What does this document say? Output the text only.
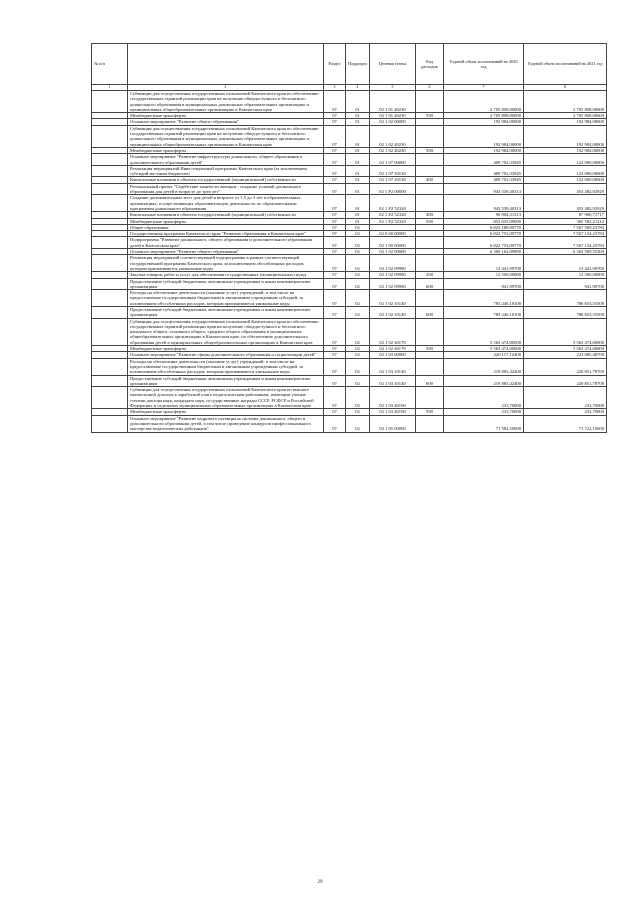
№ п/п		Раздел	Подраздел	Целевая статья	Код расходов	Годовой объем ассигнований на 2020 год	Годовой объем ассигнований на 2021 год
1	2	3	4	5	6	7	8
	Субвенции для осуществления государственных полномочий Камчатского края по обеспечению государственных гарантий реализации прав на получение общедоступного и бесплатного дошкольного образования в муниципальных дошкольных образовательных организациях и муниципальных общеобразовательных организациях в Камчатском крае	07	01	02 1 01 40230		2 705 808,00000	2 705 808,00000
	Межбюджетные трансферты	07	01	02 1 01 40230	500	2 705 808,00000	2 705 808,00000
	Основное мероприятие "Развитие общего образования"	07	01	02 1 02 00000		192 984,00000	192 984,00000
	Субвенции для осуществления государственных полномочий Камчатского края по обеспечению государственных гарантий реализации прав на получение общедоступного и бесплатного дошкольного образования в муниципальных дошкольных образовательных организациях и муниципальных общеобразовательных организациях в Камчатском крае	07	01	02 1 02 40230		192 984,00000	192 984,00000
	Межбюджетные трансферты	07	01	02 1 02 40230	500	192 984,00000	192 984,00000
	Основное мероприятие "Развитие инфраструктуры дошкольного, общего образования и дополнительного образования детей"	07	01	02 1 07 00000		409 702,33945	122 000,00000
	Реализация мероприятий Инвестиционной программы Камчатского края (за исключением субсидий местным бюджетам)	07	01	02 1 07 10130		409 702,33945	122 000,00000
	Капитальные вложения в объекты государственной (муниципальной) собственности	07	01	02 1 07 10130	400	409 702,33945	122 000,00000
	Региональный проект "Содействие занятости женщин - создание условий дошкольного образования для детей в возрасте до трех лет"	07	01	02 1 P2 00000		943 539,40313	453 482,92929
	Создание дополнительных мест для детей в возрасте от 1,5 до 3 лет в образовательных организациях, осуществляющих образовательную деятельность по образовательным программам дошкольного образования	07	01	02 1 P2 52320		943 539,40313	453 482,92929
	Капитальные вложения в объекты государственной (муниципальной) собственности	07	01	02 1 P2 52320	400	90 904,31313	87 900,71717
	Межбюджетные трансферты	07	01	02 1 P2 52320	500	852 635,09000	365 582,21212
	Общее образование	07	02			6 823 188,09770	7 567 569,23783
	Государственная программа Камчатского края "Развитие образования в Камчатском крае"	07	02	02 0 00 00000		6 822 753,09770	7 567 134,23783
	Подпрограмма "Развитие дошкольного, общего образования и дополнительного образования детей в Камчатском крае"	07	02	02 1 00 00000		6 822 753,09770	7 567 134,23783
	Основное мероприятие "Развитие общего образования"	07	02	02 1 02 00000		6 360 162,09800	6 363 569,55300
	Реализация мероприятий соответствующей подпрограммы в рамках соответствующей государственной программы Камчатского края, за исключением обособленных расходов, которым присваиваются уникальные коды	07	02	02 1 02 09990		13 441,99700	13 441,99700
	Закупка товаров, работ и услуг для обеспечения государственных (муниципальных) нужд	07	02	02 1 02 09990	200	12 500,00000	12 500,00000
	Предоставление субсидий бюджетным, автономным учреждениям и иным некоммерческим организациям	07	02	02 1 02 09990	600	941,99700	941,99700
	Расходы на обеспечение деятельности (оказание услуг) учреждений, в том числе на предоставление государственным бюджетным и автономным учреждениям субсидий, за исключением обособленных расходов, которым присваиваются уникальные коды	07	02	02 1 02 10140		783 246,10100	786 653,55500
	Предоставление субсидий бюджетным, автономным учреждениям и иным некоммерческим организациям	07	02	02 1 02 10140	600	783 246,10100	786 653,55500
	Субвенции для осуществления государственных полномочий Камчатского края по обеспечению государственных гарантий реализации прав на получение общедоступного и бесплатного начального общего, основного общего, среднего общего образования в муниципальных общеобразовательных организациях в Камчатском крае, по обеспечению дополнительного образования детей в муниципальных общеобразовательных организациях в Камчатском крае	07	02	02 1 02 40170		5 563 474,00000	5 563 474,00000
	Межбюджетные трансферты	07	02	02 1 02 40170	500	5 563 474,00000	5 563 474,00000
	Основное мероприятие "Развитие сферы дополнительного образования и социализации детей"	07	02	02 1 03 00000		220 117,12400	221 085,48700
	Расходы на обеспечение деятельности (оказание услуг) учреждений, в том числе на предоставление государственным бюджетным и автономным учреждениям субсидий, за исключением обособленных расходов, которым присваиваются уникальные коды	07	02	02 1 03 10140		219 883,42400	220 851,78700
	Предоставление субсидий бюджетным, автономным учреждениям и иным некоммерческим организациям	07	02	02 1 03 10140	600	219 883,42400	220 851,78700
	Субвенции для осуществления государственных полномочий Камчатского края по выплате ежемесячной доплаты к заработной плате педагогическим работникам, имеющим ученые степени доктора наук, кандидата наук, государственные награды СССР, РСФСР и Российской Федерации, в отдельных муниципальных образовательных организациях в Камчатском крае	07	02	02 1 03 40190		233,70000	233,70000
	Межбюджетные трансферты	07	02	02 1 03 40190	500	233,70000	233,70000
	Основное мероприятие "Развитие кадрового потенциала системы дошкольного, общего и дополнительного образования детей, в том числе проведение конкурсов профессионального мастерства педагогических работников"	07	02	02 1 05 00000		71 582,50000	71 722,10000
29
